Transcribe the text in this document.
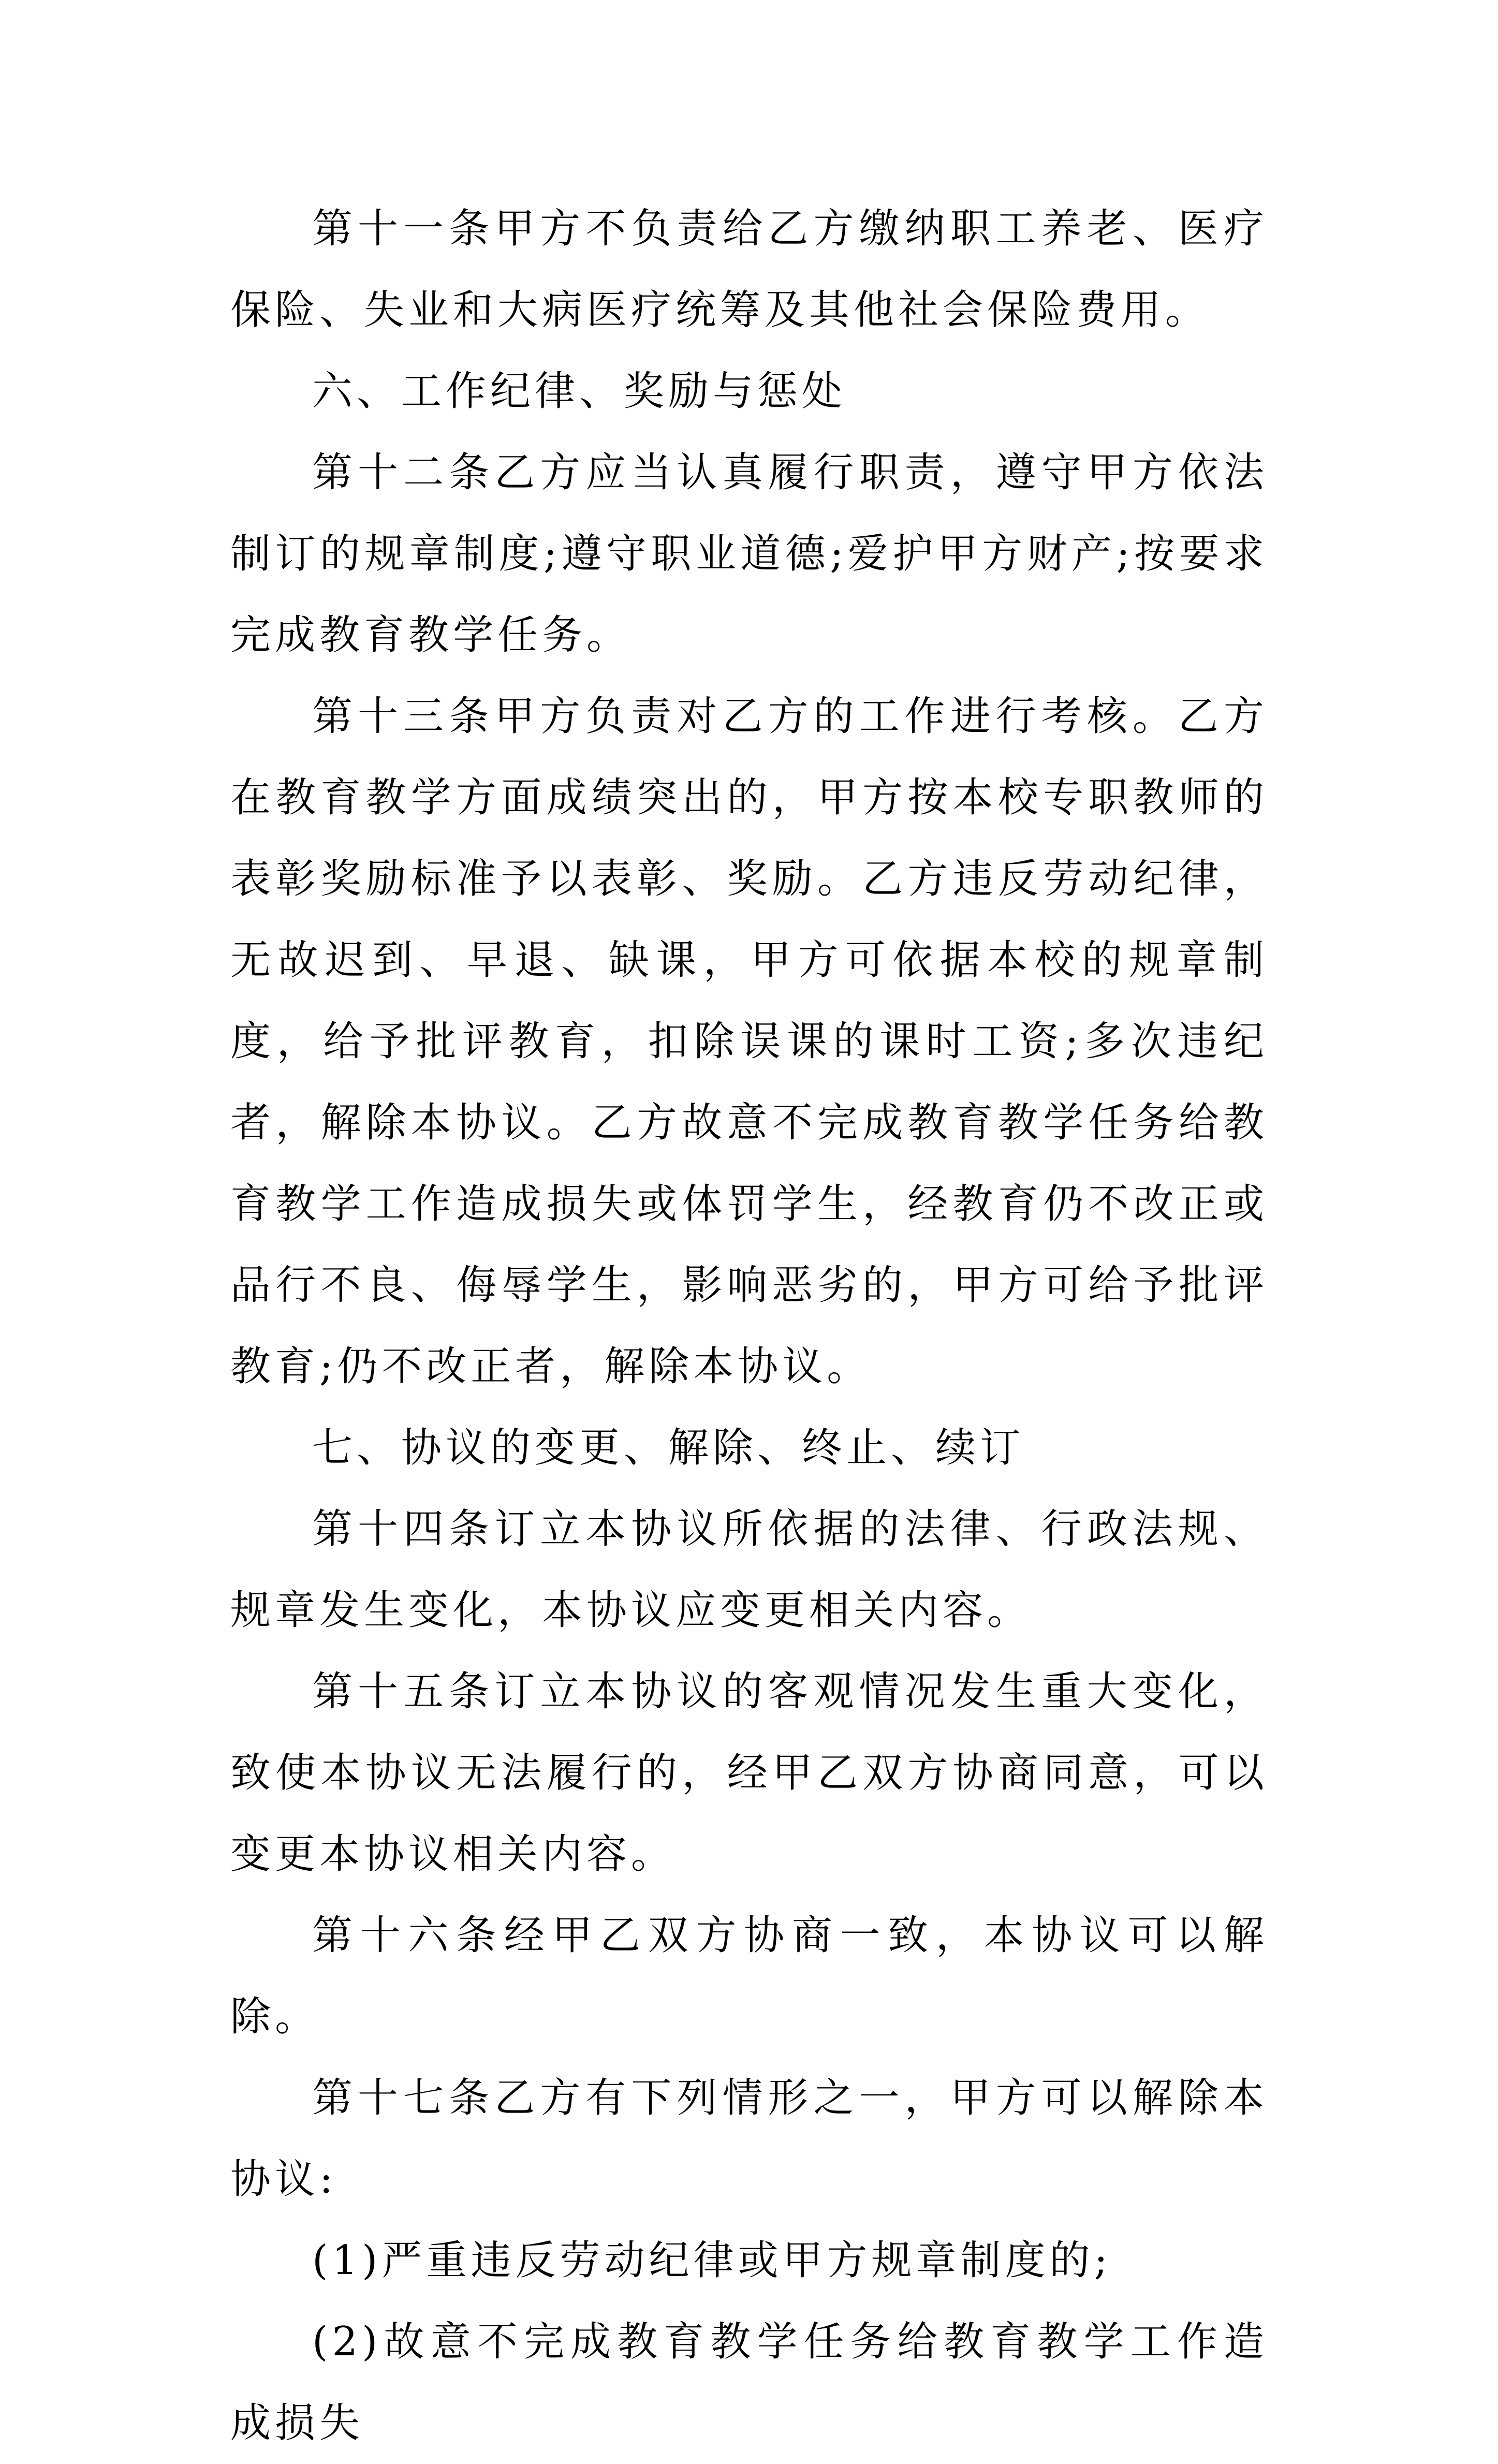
第十一条甲方不负责给乙方缴纳职工养老、医疗保险、失业和大病医疗统筹及其他社会保险费用。

六、工作纪律、奖励与惩处

第十二条乙方应当认真履行职责，遵守甲方依法制订的规章制度;遵守职业道德;爱护甲方财产;按要求完成教育教学任务。

第十三条甲方负责对乙方的工作进行考核。乙方在教育教学方面成绩突出的，甲方按本校专职教师的表彰奖励标准予以表彰、奖励。乙方违反劳动纪律，无故迟到、早退、缺课，甲方可依据本校的规章制度，给予批评教育，扣除误课的课时工资;多次违纪者，解除本协议。乙方故意不完成教育教学任务给教育教学工作造成损失或体罚学生，经教育仍不改正或品行不良、侮辱学生，影响恶劣的，甲方可给予批评教育;仍不改正者，解除本协议。

七、协议的变更、解除、终止、续订

第十四条订立本协议所依据的法律、行政法规、规章发生变化，本协议应变更相关内容。

第十五条订立本协议的客观情况发生重大变化，致使本协议无法履行的，经甲乙双方协商同意，可以变更本协议相关内容。

第十六条经甲乙双方协商一致，本协议可以解除。

第十七条乙方有下列情形之一，甲方可以解除本协议:

(1)严重违反劳动纪律或甲方规章制度的;

(2)故意不完成教育教学任务给教育教学工作造成损失
